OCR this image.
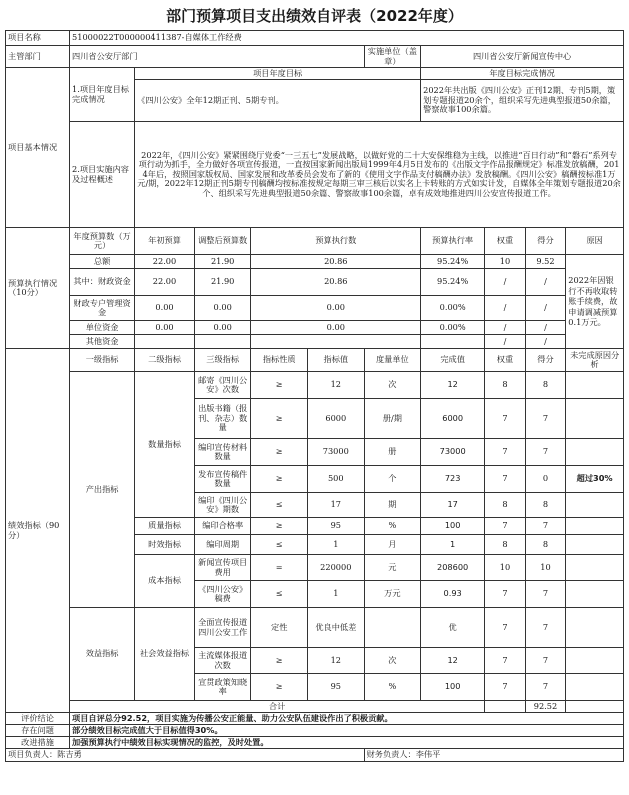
部门预算项目支出绩效自评表（2022年度）
项目名称	51000022T000000411387-自媒体工作经费									
主管部门	四川省公安厅部门					实施单位（盖章）	四川省公安厅新闻宣传中心			
项目基本情况	1.项目年度目标完成情况	项目年度目标					年度目标完成情况			
		《四川公安》全年12期正刊、5期专刊。					2022年共出版《四川公安》正刊12期、专刊5期，策划专题报道20余个，组织采写先进典型报道50余篇，警察故事100余篇。			
	2.项目实施内容及过程概述	2022年，《四川公安》紧紧围绕厅党委“一三五七”发展战略，以做好党的二十大安保维稳为主线，以推进“百日行动”和“磐石”系列专项行动为抓手，全力做好各项宣传报道，一直按国家新闻出版局1999年4月5日发布的《出版文字作品报酬规定》标准发放稿酬，2014年后，按照国家版权局、国家发展和改革委员会发布了新的《使用文字作品支付稿酬办法》发放稿酬。《四川公安》稿酬按标准1万元/期，2022年12期正刊5期专刊稿酬均按标准按规定每期三审三核后以实名上卡转账的方式如实计发，自媒体全年策划专题报道20余个、组织采写先进典型报道50余篇、警察故事100余篇，卓有成效地推进四川公安宣传报道工作。								
预算执行情况（10分）	年度预算数（万元）	年初预算	调整后预算数	预算执行数			预算执行率	权重	得分	原因
	总额	22.00	21.90	20.86			95.24%	10	9.52	2022年因银行不再收取转账手续费，故申请调减预算0.1万元。
	其中：财政资金	22.00	21.90	20.86			95.24%	/	/	
	财政专户管理资金	0.00	0.00	0.00			0.00%	/	/	
	单位资金	0.00	0.00	0.00			0.00%	/	/	
	其他资金							/	/	
绩效指标（90分）	一级指标	二级指标	三级指标	指标性质	指标值	度量单位	完成值	权重	得分	未完成原因分析
	产出指标	数量指标	邮寄《四川公安》次数	≥	12	次	12	8	8	
			出版书籍（报刊、杂志）数量	≥	6000	册/期	6000	7	7	
			编印宣传材料数量	≥	73000	册	73000	7	7	
			发布宣传稿件数量	≥	500	个	723	7	0	超过30%
			编印《四川公安》期数	≤	17	期	17	8	8	
		质量指标	编印合格率	≥	95	%	100	7	7	
		时效指标	编印周期	≤	1	月	1	8	8	
		成本指标	新闻宣传项目费用	=	220000	元	208600	10	10	
			《四川公安》稿费	≤	1	万元	0.93	7	7	
	效益指标	社会效益指标	全面宣传报道四川公安工作	定性	优良中低差		优	7	7	
			主流媒体报道次数	≥	12	次	12	7	7	
			宣贯政策知晓率	≥	95	%	100	7	7	
	合计								92.52	
评价结论	项目自评总分92.52，项目实施为传播公安正能量、助力公安队伍建设作出了积极贡献。									
存在问题	部分绩效目标完成值大于目标值得30%。									
改进措施	加强预算执行中绩效目标实现情况的监控，及时处置。									
项目负责人：陈吉勇						财务负责人：李伟平				
